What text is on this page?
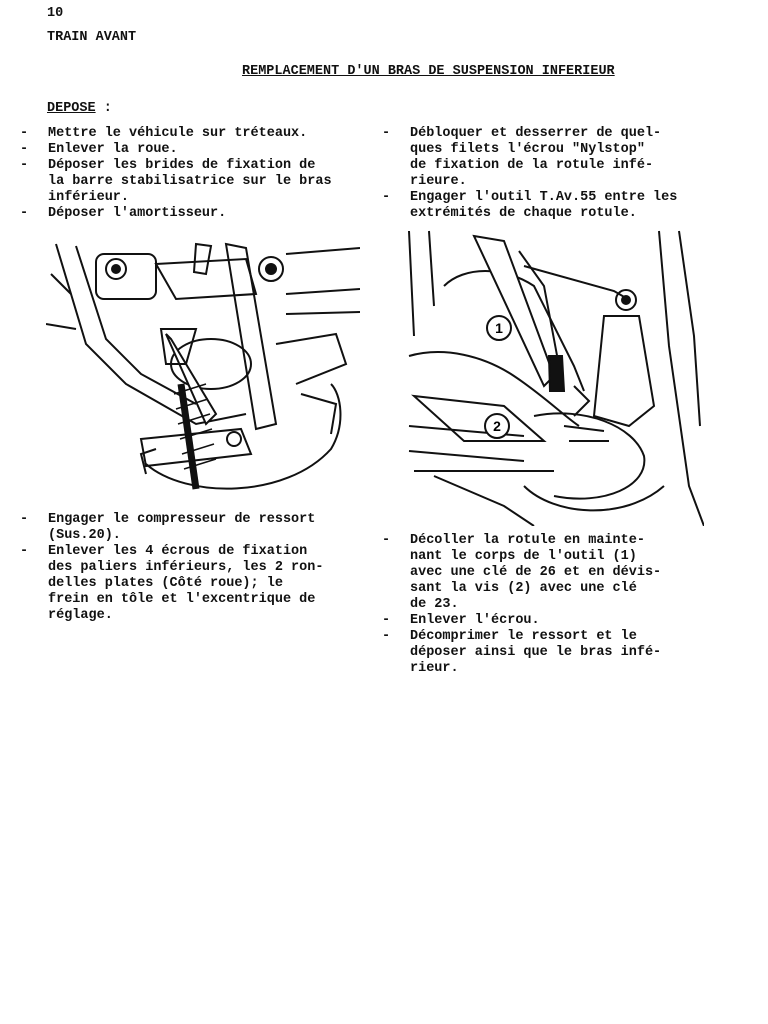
10
TRAIN AVANT
REMPLACEMENT D'UN BRAS DE SUSPENSION INFERIEUR
DEPOSE :
- Mettre le véhicule sur tréteaux.
- Enlever la roue.
- Déposer les brides de fixation de
la barre stabilisatrice sur le bras
inférieur.
- Déposer l'amortisseur.
- Débloquer et desserrer de quel-
ques filets l'écrou "Nylstop"
de fixation de la rotule infé-
rieure.
- Engager l'outil T.Av.55 entre les
extrémités de chaque rotule.
- Engager le compresseur de ressort
(Sus.20).
- Enlever les 4 écrous de fixation
des paliers inférieurs, les 2 ron-
delles plates (Côté roue); le
frein en tôle et l'excentrique de
réglage.
- Décoller la rotule en mainte-
nant le corps de l'outil (1)
avec une clé de 26 et en dévis-
sant la vis (2) avec une clé
de 23.
- Enlever l'écrou.
- Décomprimer le ressort et le
déposer ainsi que le bras infé-
rieur.
1
2
